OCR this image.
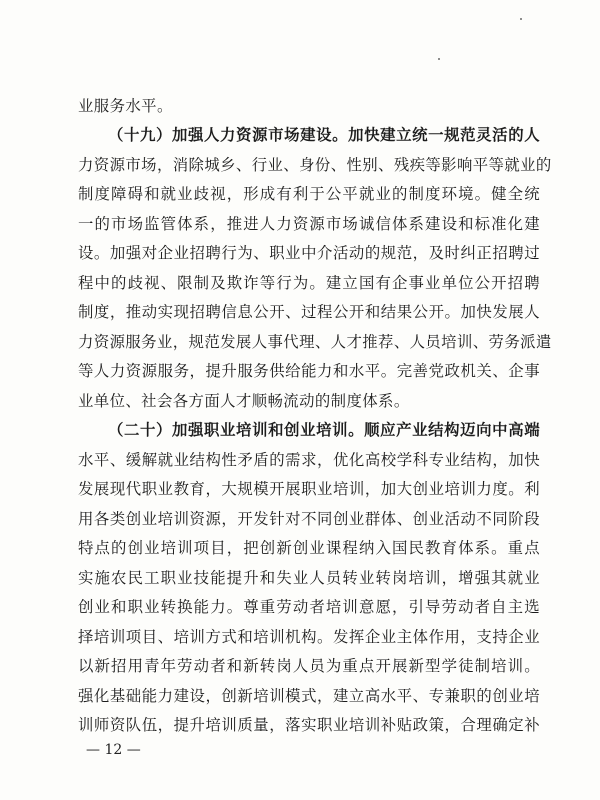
业服务水平。
（十九）加强人力资源市场建设。加快建立统一规范灵活的人
力资源市场，消除城乡、行业、身份、性别、残疾等影响平等就业的
制度障碍和就业歧视，形成有利于公平就业的制度环境。健全统
一的市场监管体系，推进人力资源市场诚信体系建设和标准化建
设。加强对企业招聘行为、职业中介活动的规范，及时纠正招聘过
程中的歧视、限制及欺诈等行为。建立国有企事业单位公开招聘
制度，推动实现招聘信息公开、过程公开和结果公开。加快发展人
力资源服务业，规范发展人事代理、人才推荐、人员培训、劳务派遣
等人力资源服务，提升服务供给能力和水平。完善党政机关、企事
业单位、社会各方面人才顺畅流动的制度体系。
（二十）加强职业培训和创业培训。顺应产业结构迈向中高端
水平、缓解就业结构性矛盾的需求，优化高校学科专业结构，加快
发展现代职业教育，大规模开展职业培训，加大创业培训力度。利
用各类创业培训资源，开发针对不同创业群体、创业活动不同阶段
特点的创业培训项目，把创新创业课程纳入国民教育体系。重点
实施农民工职业技能提升和失业人员转业转岗培训，增强其就业
创业和职业转换能力。尊重劳动者培训意愿，引导劳动者自主选
择培训项目、培训方式和培训机构。发挥企业主体作用，支持企业
以新招用青年劳动者和新转岗人员为重点开展新型学徒制培训。
强化基础能力建设，创新培训模式，建立高水平、专兼职的创业培
训师资队伍，提升培训质量，落实职业培训补贴政策，合理确定补
— 12 —
